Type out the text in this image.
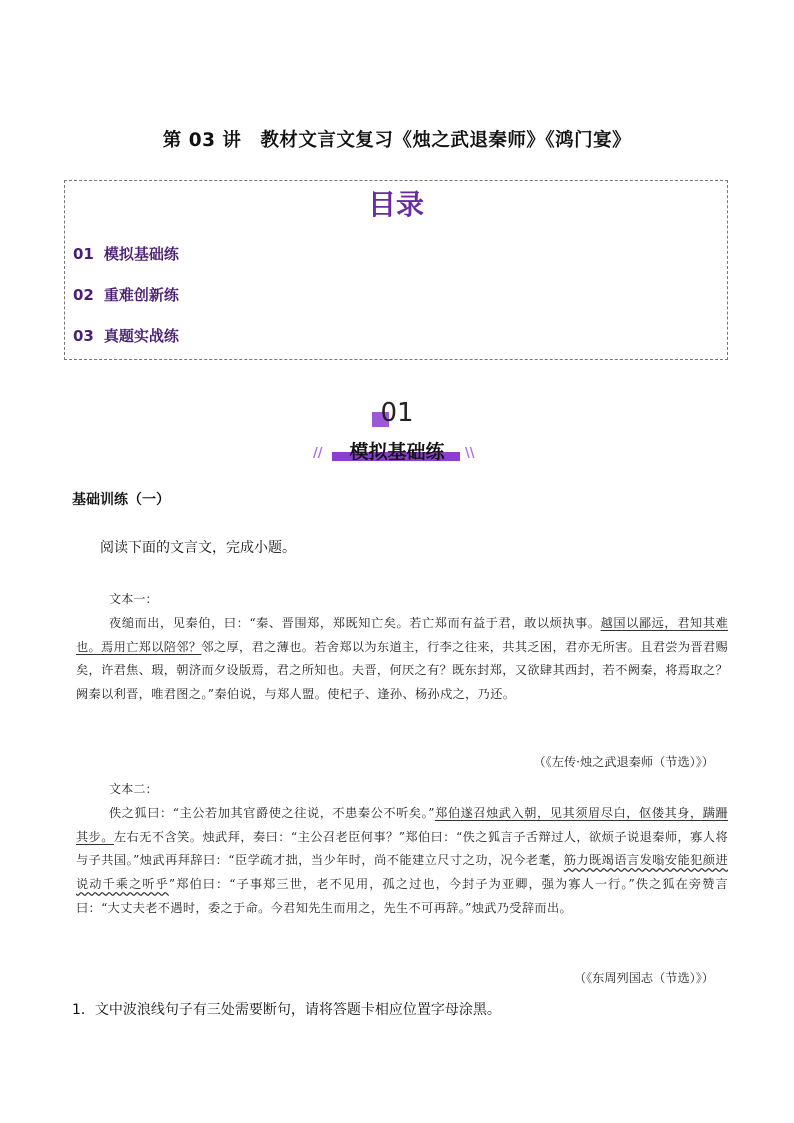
第 03 讲　教材文言文复习《烛之武退秦师》《鸿门宴》
目录
01 模拟基础练
02 重难创新练
03 真题实战练
01
//	模拟基础练	\\
基础训练（一）
阅读下面的文言文，完成小题。
文本一：
夜缒而出，见秦伯，曰：“秦、晋围郑，郑既知亡矣。若亡郑而有益于君，敢以烦执事。越国以鄙远，君知其难也。焉用亡郑以陪邻？邻之厚，君之薄也。若舍郑以为东道主，行李之往来，共其乏困，君亦无所害。且君尝为晋君赐矣，许君焦、瑕，朝济而夕设版焉，君之所知也。夫晋，何厌之有？既东封郑，又欲肆其西封，若不阙秦，将焉取之？阙秦以利晋，唯君图之。”秦伯说，与郑人盟。使杞子、逢孙、杨孙戍之，乃还。
（《左传·烛之武退秦师（节选）》）
文本二：
佚之狐曰：“主公若加其官爵使之往说，不患秦公不听矣。”郑伯遂召烛武入朝，见其须眉尽白，伛偻其身，蹒跚其步。左右无不含笑。烛武拜，奏曰：“主公召老臣何事？”郑伯曰：“佚之狐言子舌辩过人，欲烦子说退秦师，寡人将与子共国。”烛武再拜辞曰：“臣学疏才拙，当少年时，尚不能建立尺寸之功，况今老耄，筋力既竭语言发嗡安能犯颜进说动千乘之听乎”郑伯曰：“子事郑三世，老不见用，孤之过也，今封子为亚卿，强为寡人一行。”佚之狐在旁赞言曰：“大丈夫老不遇时，委之于命。今君知先生而用之，先生不可再辞。”烛武乃受辞而出。
（《东周列国志（节选）》）
1．文中波浪线句子有三处需要断句，请将答题卡相应位置字母涂黑。
